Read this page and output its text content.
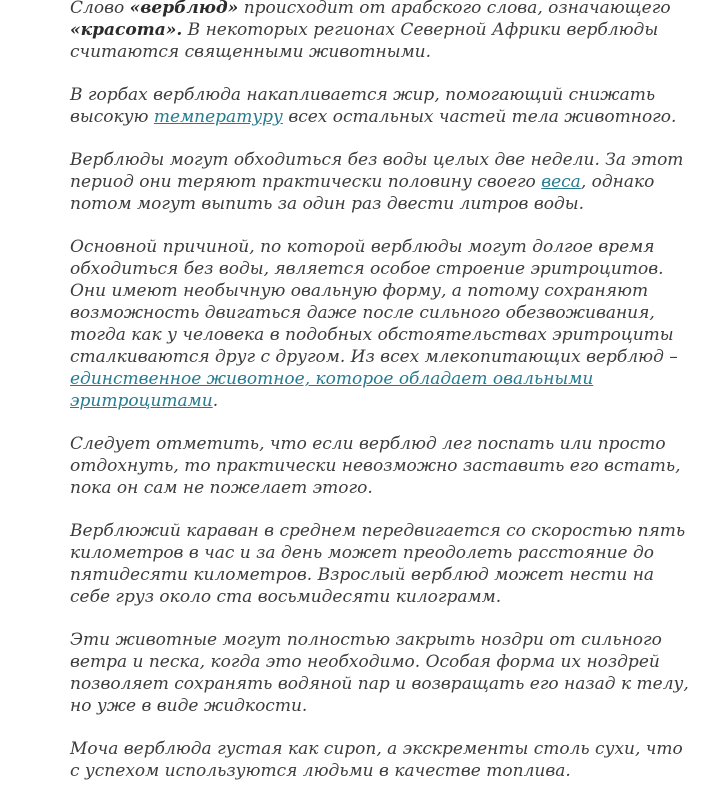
Слово «верблюд» происходит от арабского слова, означающего «красота». В некоторых регионах Северной Африки верблюды считаются священными животными.

В горбах верблюда накапливается жир, помогающий снижать высокую температуру всех остальных частей тела животного.

Верблюды могут обходиться без воды целых две недели. За этот период они теряют практически половину своего веса, однако потом могут выпить за один раз двести литров воды.

Основной причиной, по которой верблюды могут долгое время обходиться без воды, является особое строение эритроцитов. Они имеют необычную овальную форму, а потому сохраняют возможность двигаться даже после сильного обезвоживания, тогда как у человека в подобных обстоятельствах эритроциты сталкиваются друг с другом. Из всех млекопитающих верблюд – единственное животное, которое обладает овальными эритроцитами.

Следует отметить, что если верблюд лег поспать или просто отдохнуть, то практически невозможно заставить его встать, пока он сам не пожелает этого.

Верблюжий караван в среднем передвигается со скоростью пять километров в час и за день может преодолеть расстояние до пятидесяти километров. Взрослый верблюд может нести на себе груз около ста восьмидесяти килограмм.

Эти животные могут полностью закрыть ноздри от сильного ветра и песка, когда это необходимо. Особая форма их ноздрей позволяет сохранять водяной пар и возвращать его назад к телу, но уже в виде жидкости.

Моча верблюда густая как сироп, а экскременты столь сухи, что с успехом используются людьми в качестве топлива.
